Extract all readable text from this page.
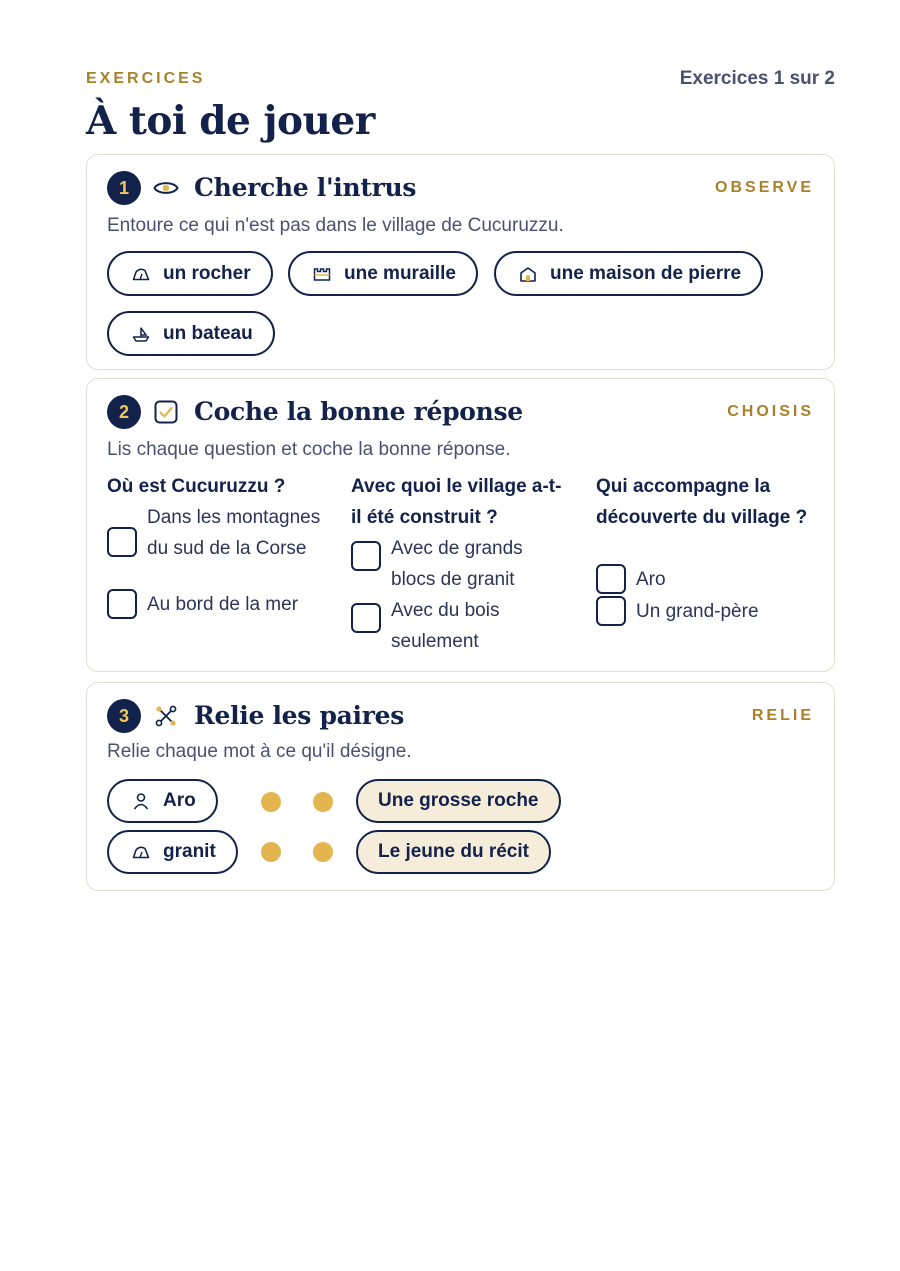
EXERCICES	Exercices 1 sur 2
À toi de jouer
1	Cherche l'intrus	OBSERVE
Entoure ce qui n'est pas dans le village de Cucuruzzu.
un rocher	une muraille	une maison de pierre
un bateau
2	Coche la bonne réponse	CHOISIS
Lis chaque question et coche la bonne réponse.
Où est Cucuruzzu ?
Dans les montagnes du sud de la Corse
Au bord de la mer
Avec quoi le village a-t-il été construit ?
Avec de grands blocs de granit
Avec du bois seulement
Qui accompagne la découverte du village ?
Aro
Un grand-père
3	Relie les paires	RELIE
Relie chaque mot à ce qu'il désigne.
Aro
granit
Une grosse roche
Le jeune du récit
